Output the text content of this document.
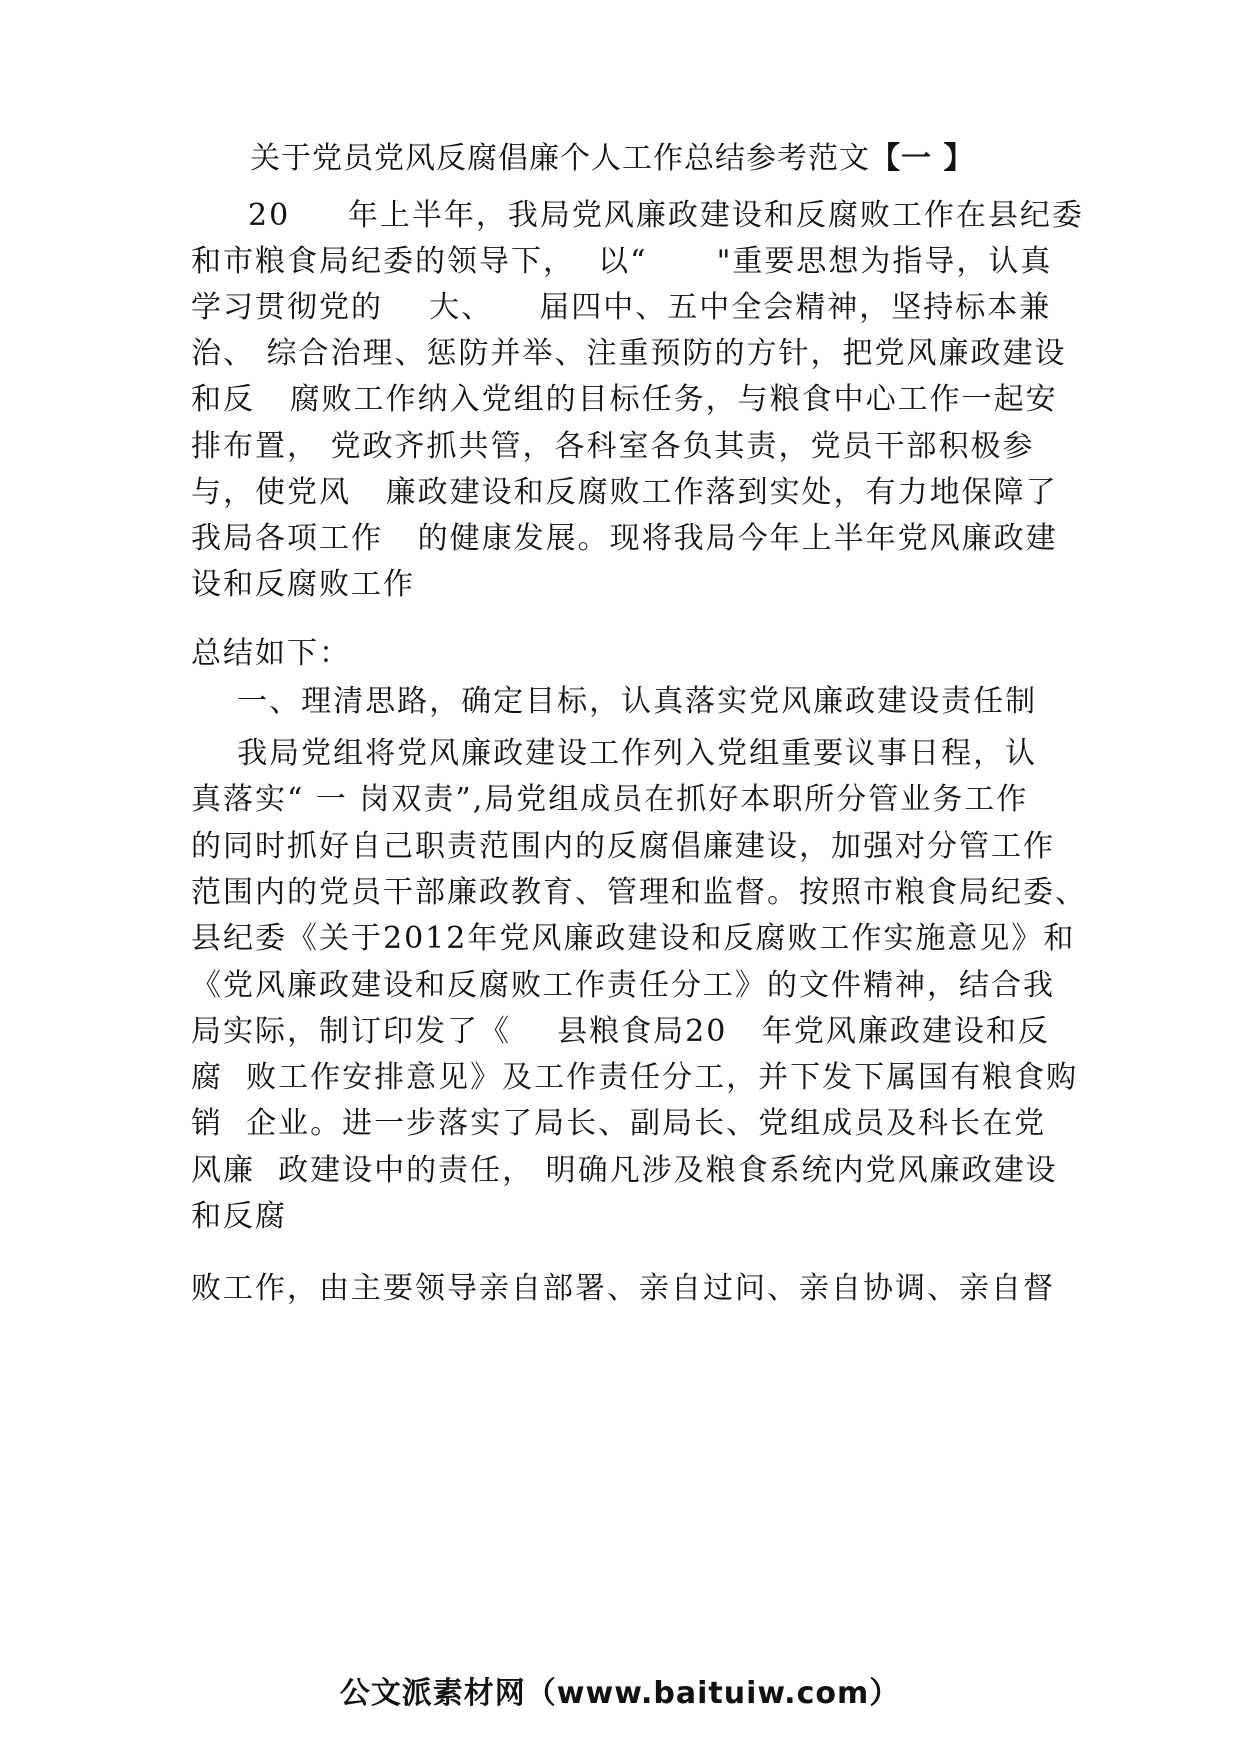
关于党员党风反腐倡廉个人工作总结参考范文【一 】
20     年上半年，我局党风廉政建设和反腐败工作在县纪委
和市粮食局纪委的领导下，  以“      "重要思想为指导，认真
学习贯彻党的    大、    届四中、五中全会精神，坚持标本兼
治、 综合治理、惩防并举、注重预防的方针，把党风廉政建设
和反   腐败工作纳入党组的目标任务，与粮食中心工作一起安
排布置， 党政齐抓共管，各科室各负其责，党员干部积极参
与，使党风   廉政建设和反腐败工作落到实处，有力地保障了
我局各项工作   的健康发展。现将我局今年上半年党风廉政建
设和反腐败工作
总结如下：
一、理清思路，确定目标，认真落实党风廉政建设责任制
我局党组将党风廉政建设工作列入党组重要议事日程，认
真落实“ 一 岗双责”,局党组成员在抓好本职所分管业务工作
的同时抓好自己职责范围内的反腐倡廉建设，加强对分管工作
范围内的党员干部廉政教育、管理和监督。按照市粮食局纪委、
县纪委《关于2012年党风廉政建设和反腐败工作实施意见》和
《党风廉政建设和反腐败工作责任分工》的文件精神，结合我
局实际，制订印发了《    县粮食局20   年党风廉政建设和反
腐  败工作安排意见》及工作责任分工，并下发下属国有粮食购
销  企业。进一步落实了局长、副局长、党组成员及科长在党
风廉  政建设中的责任， 明确凡涉及粮食系统内党风廉政建设
和反腐
败工作，由主要领导亲自部署、亲自过问、亲自协调、亲自督
公文派素材网（www.baituiw.com）
